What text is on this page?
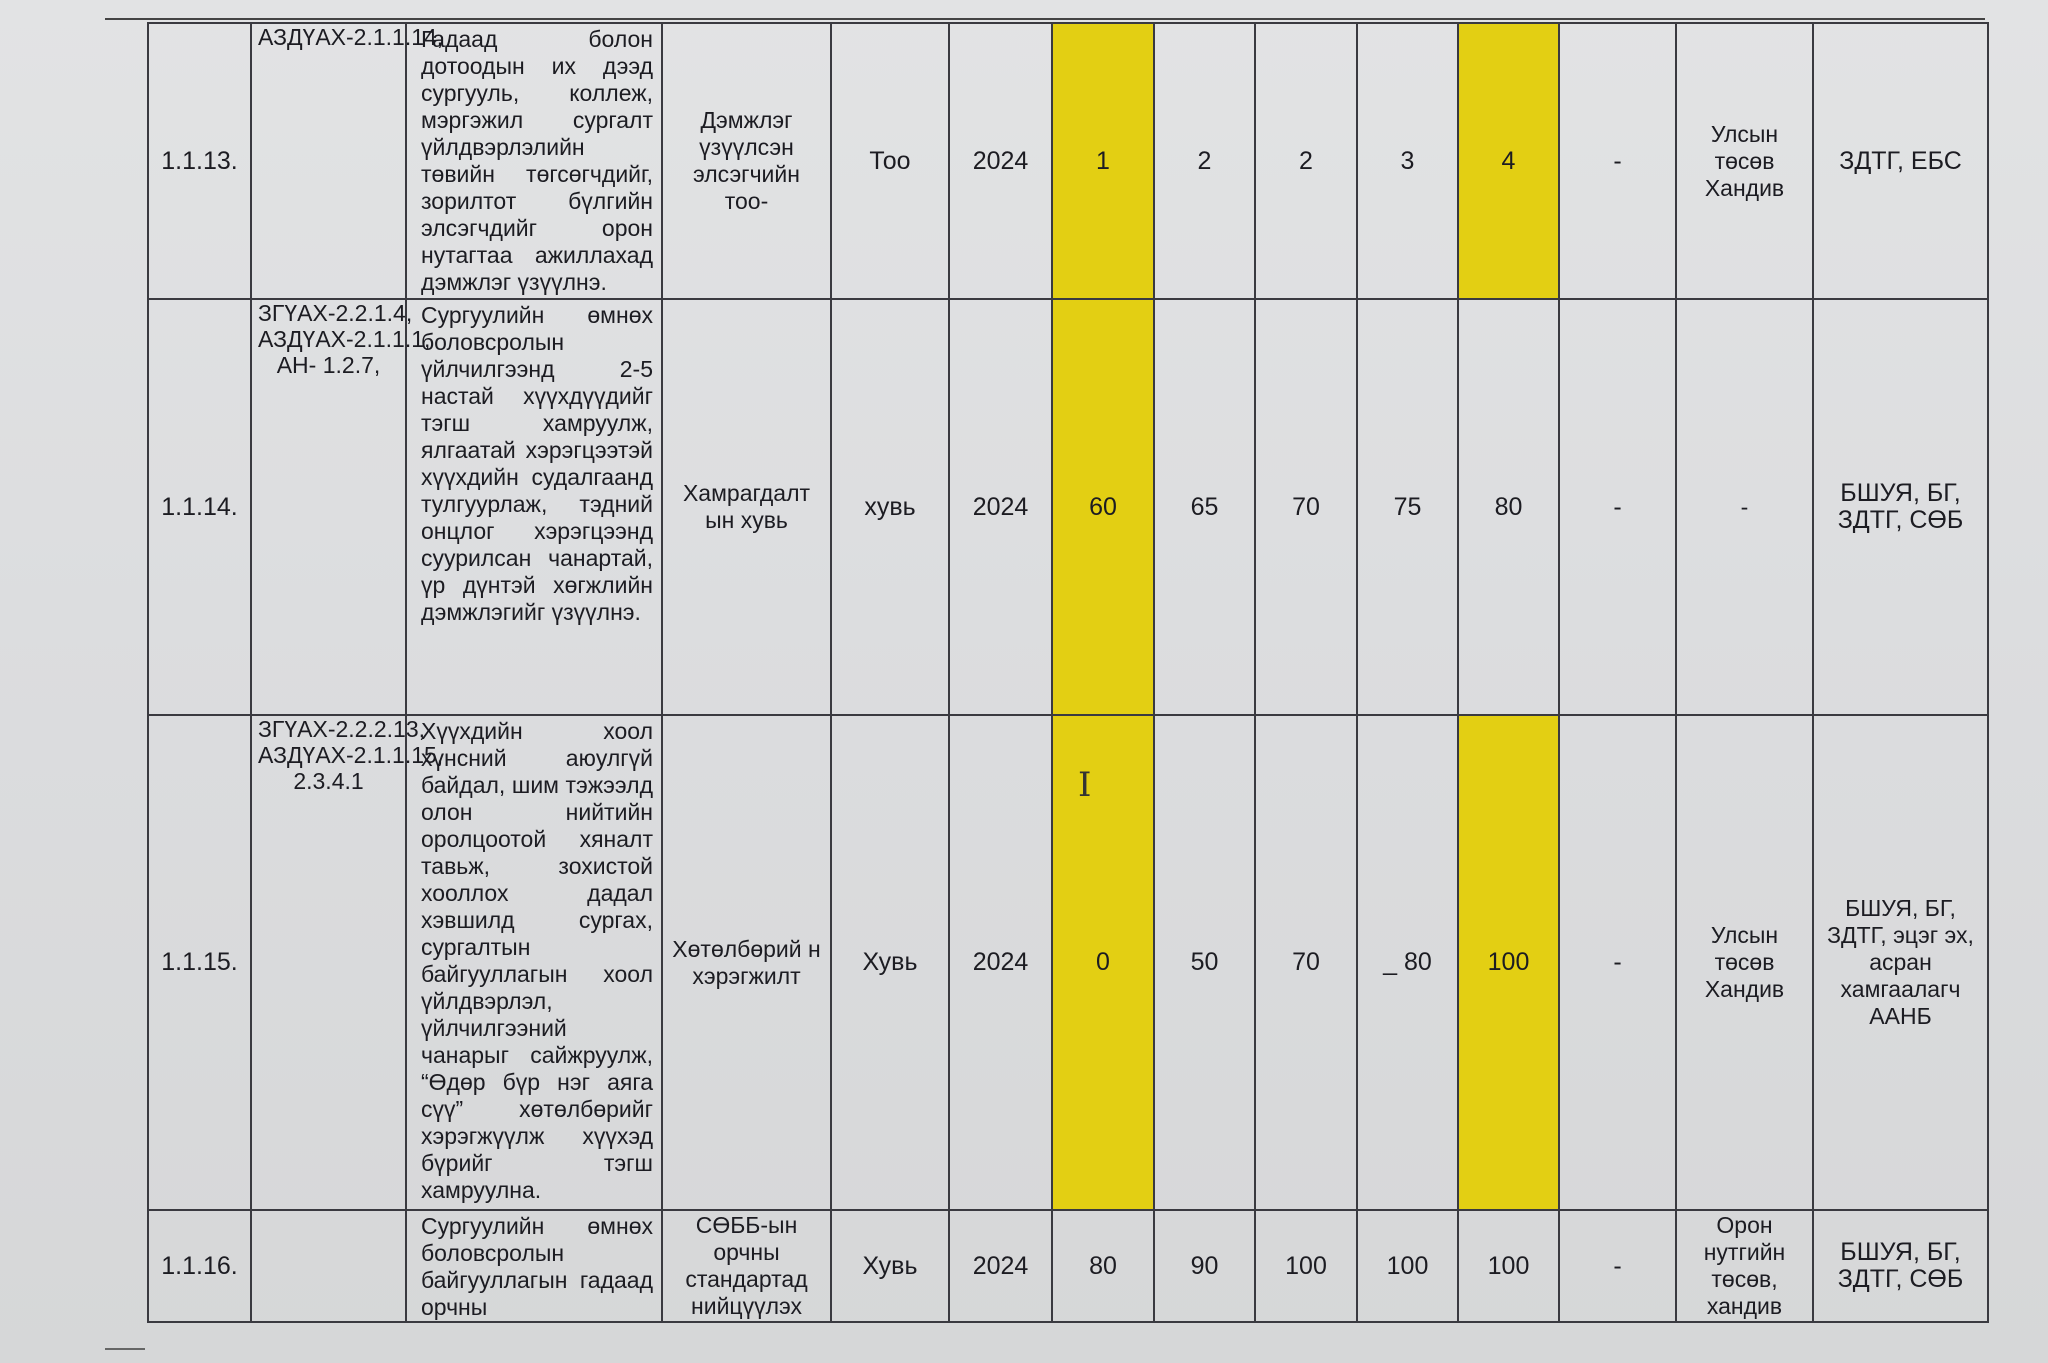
1.1.13.	АЗДҮАХ-2.1.1.14,	Гадаад болон дотоодын их дээд сургууль, коллеж, мэргэжил сургалт үйлдвэрлэлийн төвийн төгсөгчдийг, зорилтот бүлгийн элсэгчдийг орон нутагтаа ажиллахад дэмжлэг үзүүлнэ.	Дэмжлэг үзүүлсэн элсэгчийн тоо-	Тоо	2024	1	2	2	3	4	-	Улсын төсөв Хандив	ЗДТГ, ЕБС
1.1.14.	ЗГҮАХ-2.2.1.4, АЗДҮАХ-2.1.1.1, АН- 1.2.7,	Сургуулийн өмнөх боловсролын үйлчилгээнд 2-5 настай хүүхдүүдийг тэгш хамруулж, ялгаатай хэрэгцээтэй хүүхдийн судалгаанд тулгуурлаж, тэдний онцлог хэрэгцээнд суурилсан чанартай, үр дүнтэй хөгжлийн дэмжлэгийг үзүүлнэ.	Хамрагдалт ын хувь	хувь	2024	60	65	70	75	80	-	-	БШУЯ, БГ, ЗДТГ, СӨБ
1.1.15.	ЗГҮАХ-2.2.2.13, АЗДҮАХ-2.1.1.15, 2.3.4.1	Хүүхдийн хоол хүнсний аюулгүй байдал, шим тэжээлд олон нийтийн оролцоотой хяналт тавьж, зохистой хооллох дадал хэвшилд сургах, сургалтын байгууллагын хоол үйлдвэрлэл, үйлчилгээний чанарыг сайжруулж, “Өдөр бүр нэг аяга сүү” хөтөлбөрийг хэрэгжүүлж хүүхэд бүрийг тэгш хамруулна.	Хөтөлбөрий н хэрэгжилт	Хувь	2024	0	50	70	_ 80	100	-	Улсын төсөв Хандив	БШУЯ, БГ, ЗДТГ, эцэг эх, асран хамгаалагч ААНБ
1.1.16.		Сургуулийн өмнөх боловсролын байгууллагын гадаад орчны	СӨББ-ын орчны стандартад нийцүүлэх	Хувь	2024	80	90	100	100	100	-	Орон нутгийн төсөв, хандив	БШУЯ, БГ, ЗДТГ, СӨБ
I
